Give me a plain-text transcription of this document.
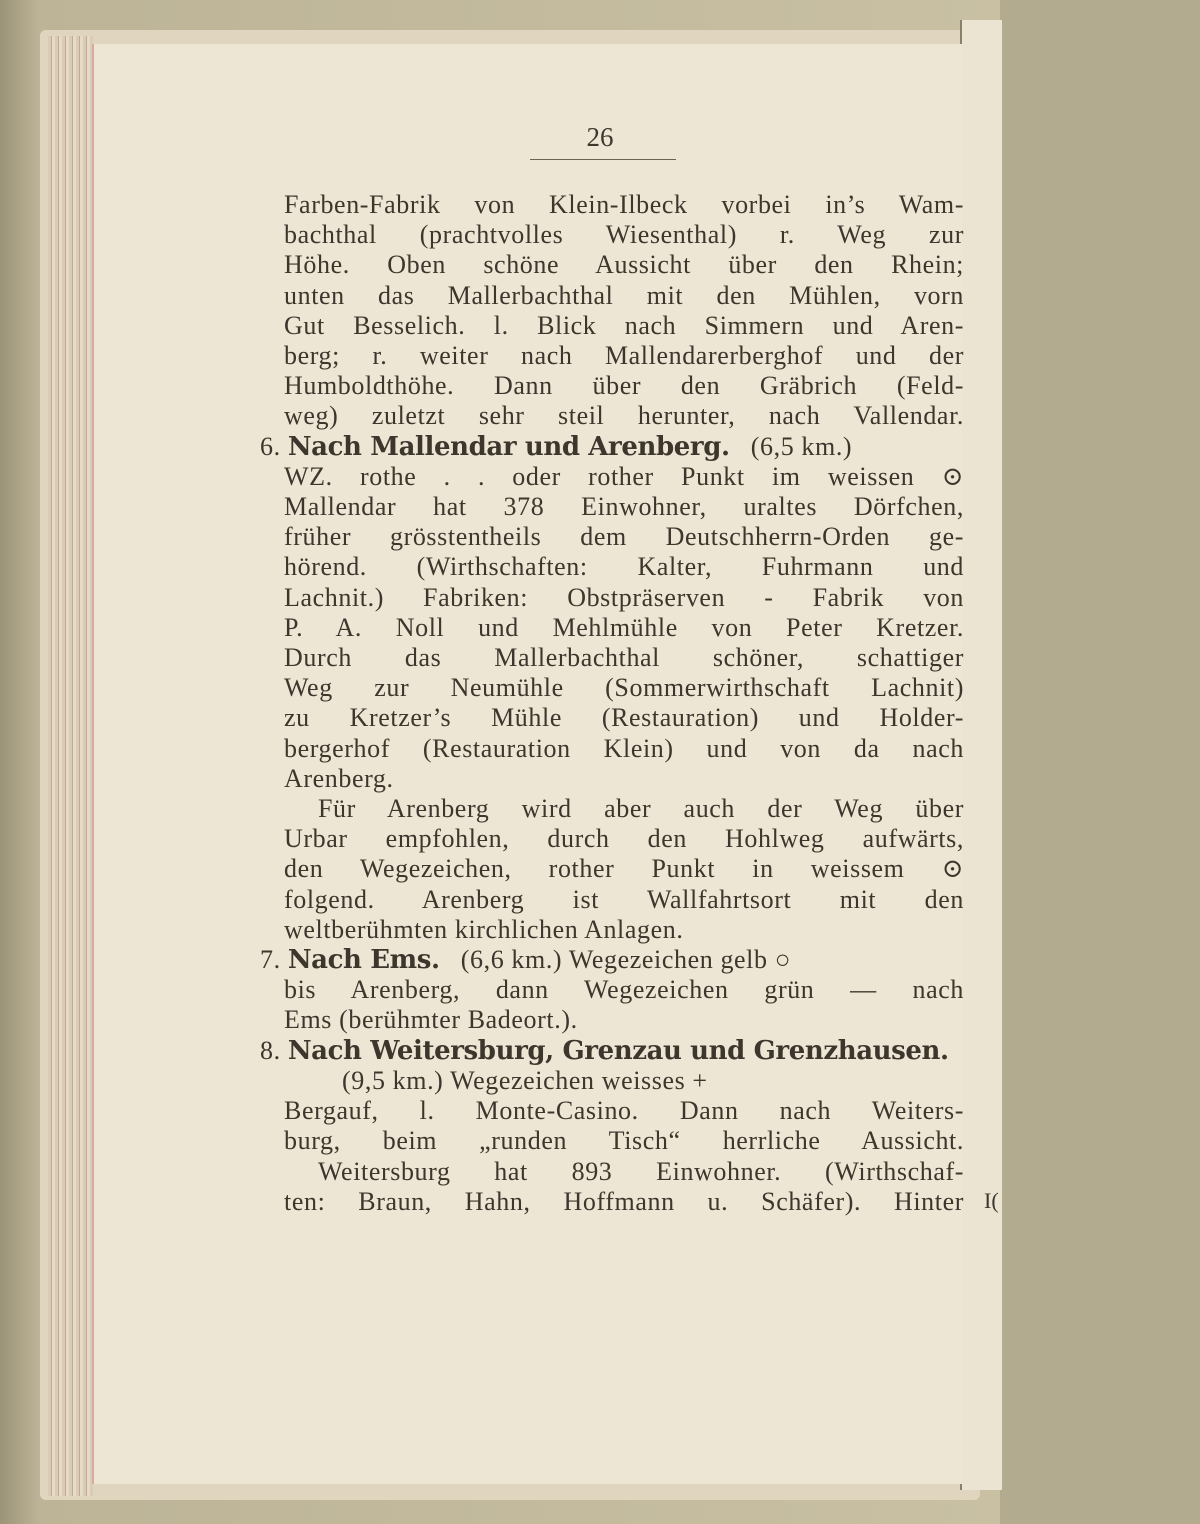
I(
26
Farben-Fabrik von Klein-Ilbeck vorbei in’s Wam-
bachthal (prachtvolles Wiesenthal) r. Weg zur
Höhe. Oben schöne Aussicht über den Rhein;
unten das Mallerbachthal mit den Mühlen, vorn
Gut Besselich. l. Blick nach Simmern und Aren-
berg; r. weiter nach Mallendarerberghof und der
Humboldthöhe. Dann über den Gräbrich (Feld-
weg) zuletzt sehr steil herunter, nach Vallendar.
6. Nach Mallendar und Arenberg. (6,5 km.)
WZ. rothe . . oder rother Punkt im weissen ⊙
Mallendar hat 378 Einwohner, uraltes Dörfchen,
früher grösstentheils dem Deutschherrn-Orden ge-
hörend. (Wirthschaften: Kalter, Fuhrmann und
Lachnit.) Fabriken: Obstpräserven - Fabrik von
P. A. Noll und Mehlmühle von Peter Kretzer.
Durch das Mallerbachthal schöner, schattiger
Weg zur Neumühle (Sommerwirthschaft Lachnit)
zu Kretzer’s Mühle (Restauration) und Holder-
bergerhof (Restauration Klein) und von da nach
Arenberg.
Für Arenberg wird aber auch der Weg über
Urbar empfohlen, durch den Hohlweg aufwärts,
den Wegezeichen, rother Punkt in weissem ⊙
folgend. Arenberg ist Wallfahrtsort mit den
weltberühmten kirchlichen Anlagen.
7. Nach Ems. (6,6 km.) Wegezeichen gelb ○
bis Arenberg, dann Wegezeichen grün — nach
Ems (berühmter Badeort.).
8. Nach Weitersburg, Grenzau und Grenzhausen.
(9,5 km.) Wegezeichen weisses +
Bergauf, l. Monte-Casino. Dann nach Weiters-
burg, beim „runden Tisch“ herrliche Aussicht.
Weitersburg hat 893 Einwohner. (Wirthschaf-
ten: Braun, Hahn, Hoffmann u. Schäfer). Hinter
